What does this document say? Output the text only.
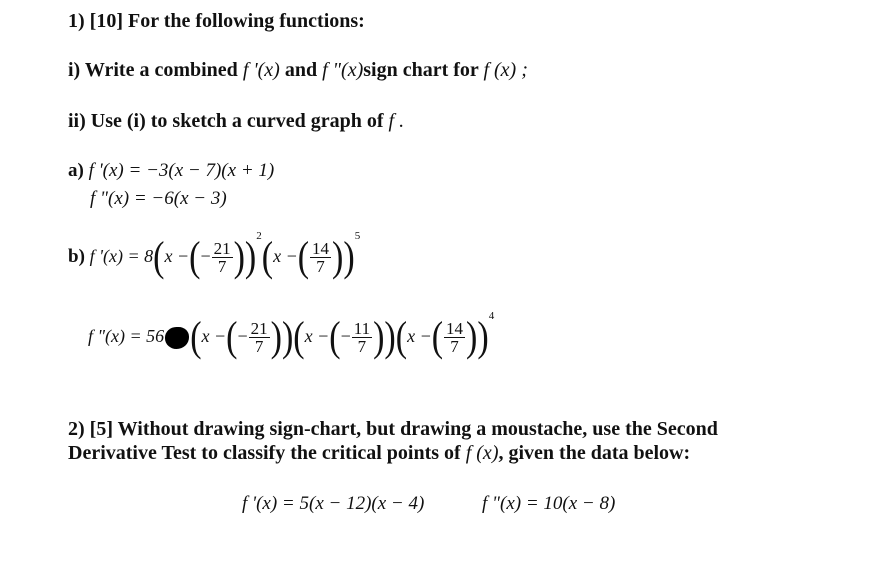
1) [10] For the following functions:
i) Write a combined f '(x) and f "(x)sign chart for f (x) ;
ii) Use (i) to sketch a curved graph of f .
a) f '(x) = −3(x − 7)(x + 1)
f "(x) = −6(x − 3)
b) f '(x) = 8(x −(− $\frac{21}{7} ))^2(x$ −( $\frac{14}{7} ))^5$
f "(x) = 56 (x −(− $\frac{21}{7} ))(x$ −(− $\frac{11}{7} ))(x$ −( $\frac{14}{7} ))^4$
2) [5] Without drawing sign-chart, but drawing a moustache, use the Second
Derivative Test to classify the critical points of f (x), given the data below:
f '(x) = 5(x − 12)(x − 4)	f "(x) = 10(x − 8)
